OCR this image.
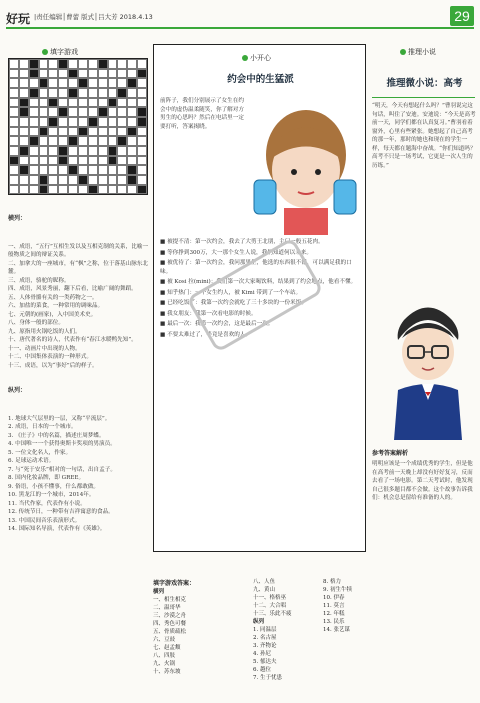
好玩 |责任编辑│曹蕾 版式│吕大芳 2018.4.13	29
填字游戏

横列：

一、成语，“五行”互相生发以及互相克制的关系，比喻一般物质之间的辩证关系。
二、加拿大的一座城市，有“枫”之称，位于落基山脉东北麓。
三、成语，骆驼的昵称。
四、成语，风景秀丽，翻下后看，比喻广阔的舞蹈。
五、人体骨骼有关的一类药物之一。
六、加盐的菜食，一种常用的调味品。
七、元朝的(画家)，入中国美术史。
八、身体一般的部位。
九、原指用火锅吃饭的人们。
十、唐代著名的诗人，代表作有“春江水暖鸭先知”。
十一、动画片中出现的人物。
十二、中国集体表演的一种形式。
十三、成语，以为“事好”后的样子。

纵列：

1. 地球大气层里的一层，又称“平流层”。
2. 成语，日本的一个城市。
3. 《庄子》中的名篇，描述庄周梦蝶。
4. 中国唯一一个获得奥斯卡奖项的男演员。
5. 一位文化名人，作家。
6. 足球运动术语。
7. 与“死于安乐”相对的一句话，出自孟子。
8. 国内化妆品牌，即 GREE。
9. 俗语，小孩不懂事，什么都敢做。
10. 黑龙江的一个城市，2014年。
11. 当代作家，代表作有小说。
12. 传统节日，一种带有吉祥寓意的食品。
13. 中国民间音乐表演形式。
14. 国际知名导演，代表作有《英雄》。

填字游戏答案：
横列
一、相生相克
二、温哥华
三、沙漠之舟
四、秀色可餐
五、骨质疏松
六、豆豉
七、赵孟頫
八、四肢
九、火锅
十、苏东坡
八、人鱼
九、黄山
十一、格格巫
十二、大合唱
十三、乐此不疲
纵列
1. 同温层
2. 名古屋
3. 齐物论
4. 孙尼
5. 郁达夫
6. 越位
7. 生于忧患
8. 格力
9. 初生牛犊
10. 伊春
11. 莫言
12. 年糕
13. 民乐
14. 张艺谋
小开心
约会中的生猛派

前阵子，我们分别展示了女生在约会中的虚伪温柔随笑，你了解对方男生的心思吗？然后在电话里一定要打听，答案揭晓。

■ 被提不清：第一次约会，我去了大剪王北朋，主门一般五花肉。

■ 等你挣到300万，大一那个女生人说，我们知道何以未来。

■ 被优待了：第一次约会，我问那男生，他选的东西很不错，可以满足我的口味。

■ 被 Kosi 拉(mini)：我们第一次大家喝饮料，结果到了约会地点，他看不懂。

■ 知乎热门：一个女生约人，被 Kimi 带到了一个车站。

■ 已经吃饭了：我第一次约会就吃了三十多块的一份米饭。

■ 我女朋友：我第一次看电影的时候。

■ 最后一次：我第一次约会，这是最后一次。

■ 不要太难过了，毕竟是喜欢的人。

推理小说
推理微小说：高考
“明天，今天有想起什么吗？”曹羽说完这句话，叫住了安迪。安迪说：“今天是高考前一天，同学们都在认真复习。”曹羽看着窗外，心里有些紧张。她想起了自己高考的那一年，那时的她也和现在的学生一样，每天都在题海中奋战。“你们知道吗？高考不只是一场考试，它更是一次人生的历练。”
参考答案解析
明明应该是一个成绩优秀的学生，但是他在高考前一天晚上却没有好好复习，反而去看了一场电影。第二天考试时，他发现自己很多题目都不会做。这个故事告诉我们：机会总是留给有准备的人的。
